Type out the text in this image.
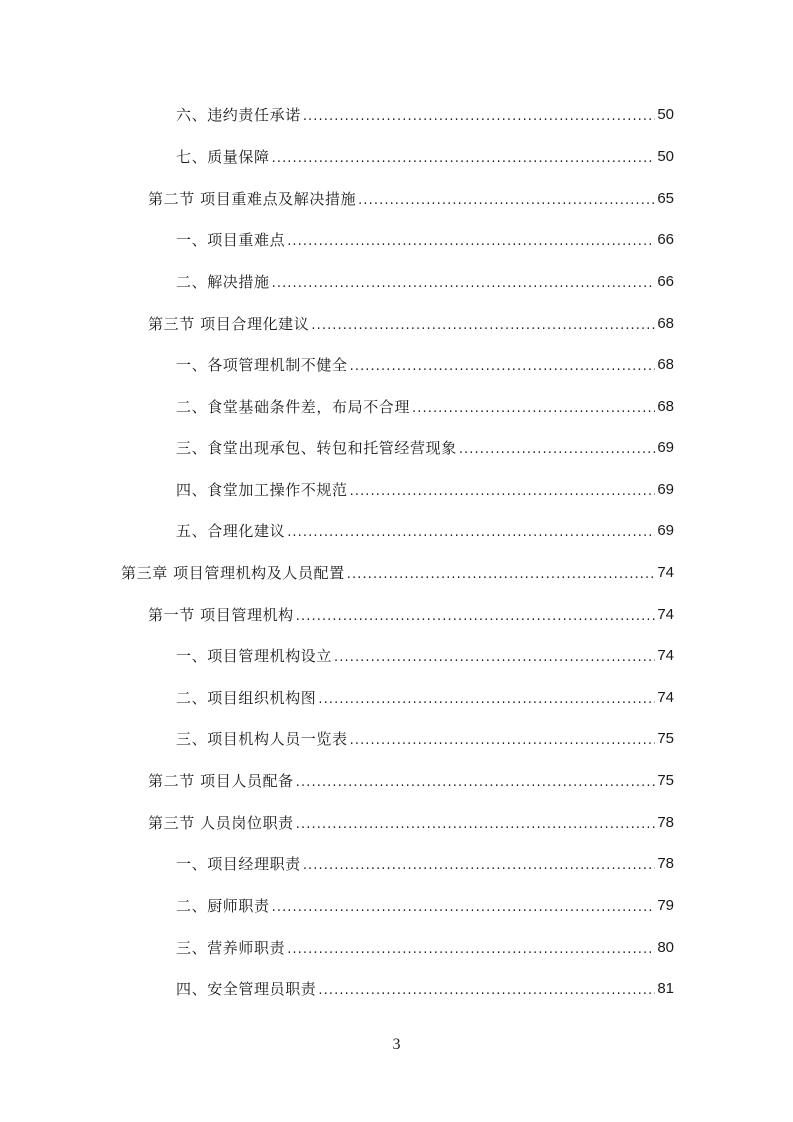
六、违约责任承诺 .....	50
七、质量保障 .....	50
第二节 项目重难点及解决措施 .....	65
一、项目重难点 .....	66
二、解决措施 .....	66
第三节 项目合理化建议 .....	68
一、各项管理机制不健全 .....	68
二、食堂基础条件差，布局不合理 .....	68
三、食堂出现承包、转包和托管经营现象 .....	69
四、食堂加工操作不规范 .....	69
五、合理化建议 .....	69
第三章 项目管理机构及人员配置 .....	74
第一节 项目管理机构 .....	74
一、项目管理机构设立 .....	74
二、项目组织机构图 .....	74
三、项目机构人员一览表 .....	75
第二节 项目人员配备 .....	75
第三节 人员岗位职责 .....	78
一、项目经理职责 .....	78
二、厨师职责 .....	79
三、营养师职责 .....	80
四、安全管理员职责 .....	81
3
